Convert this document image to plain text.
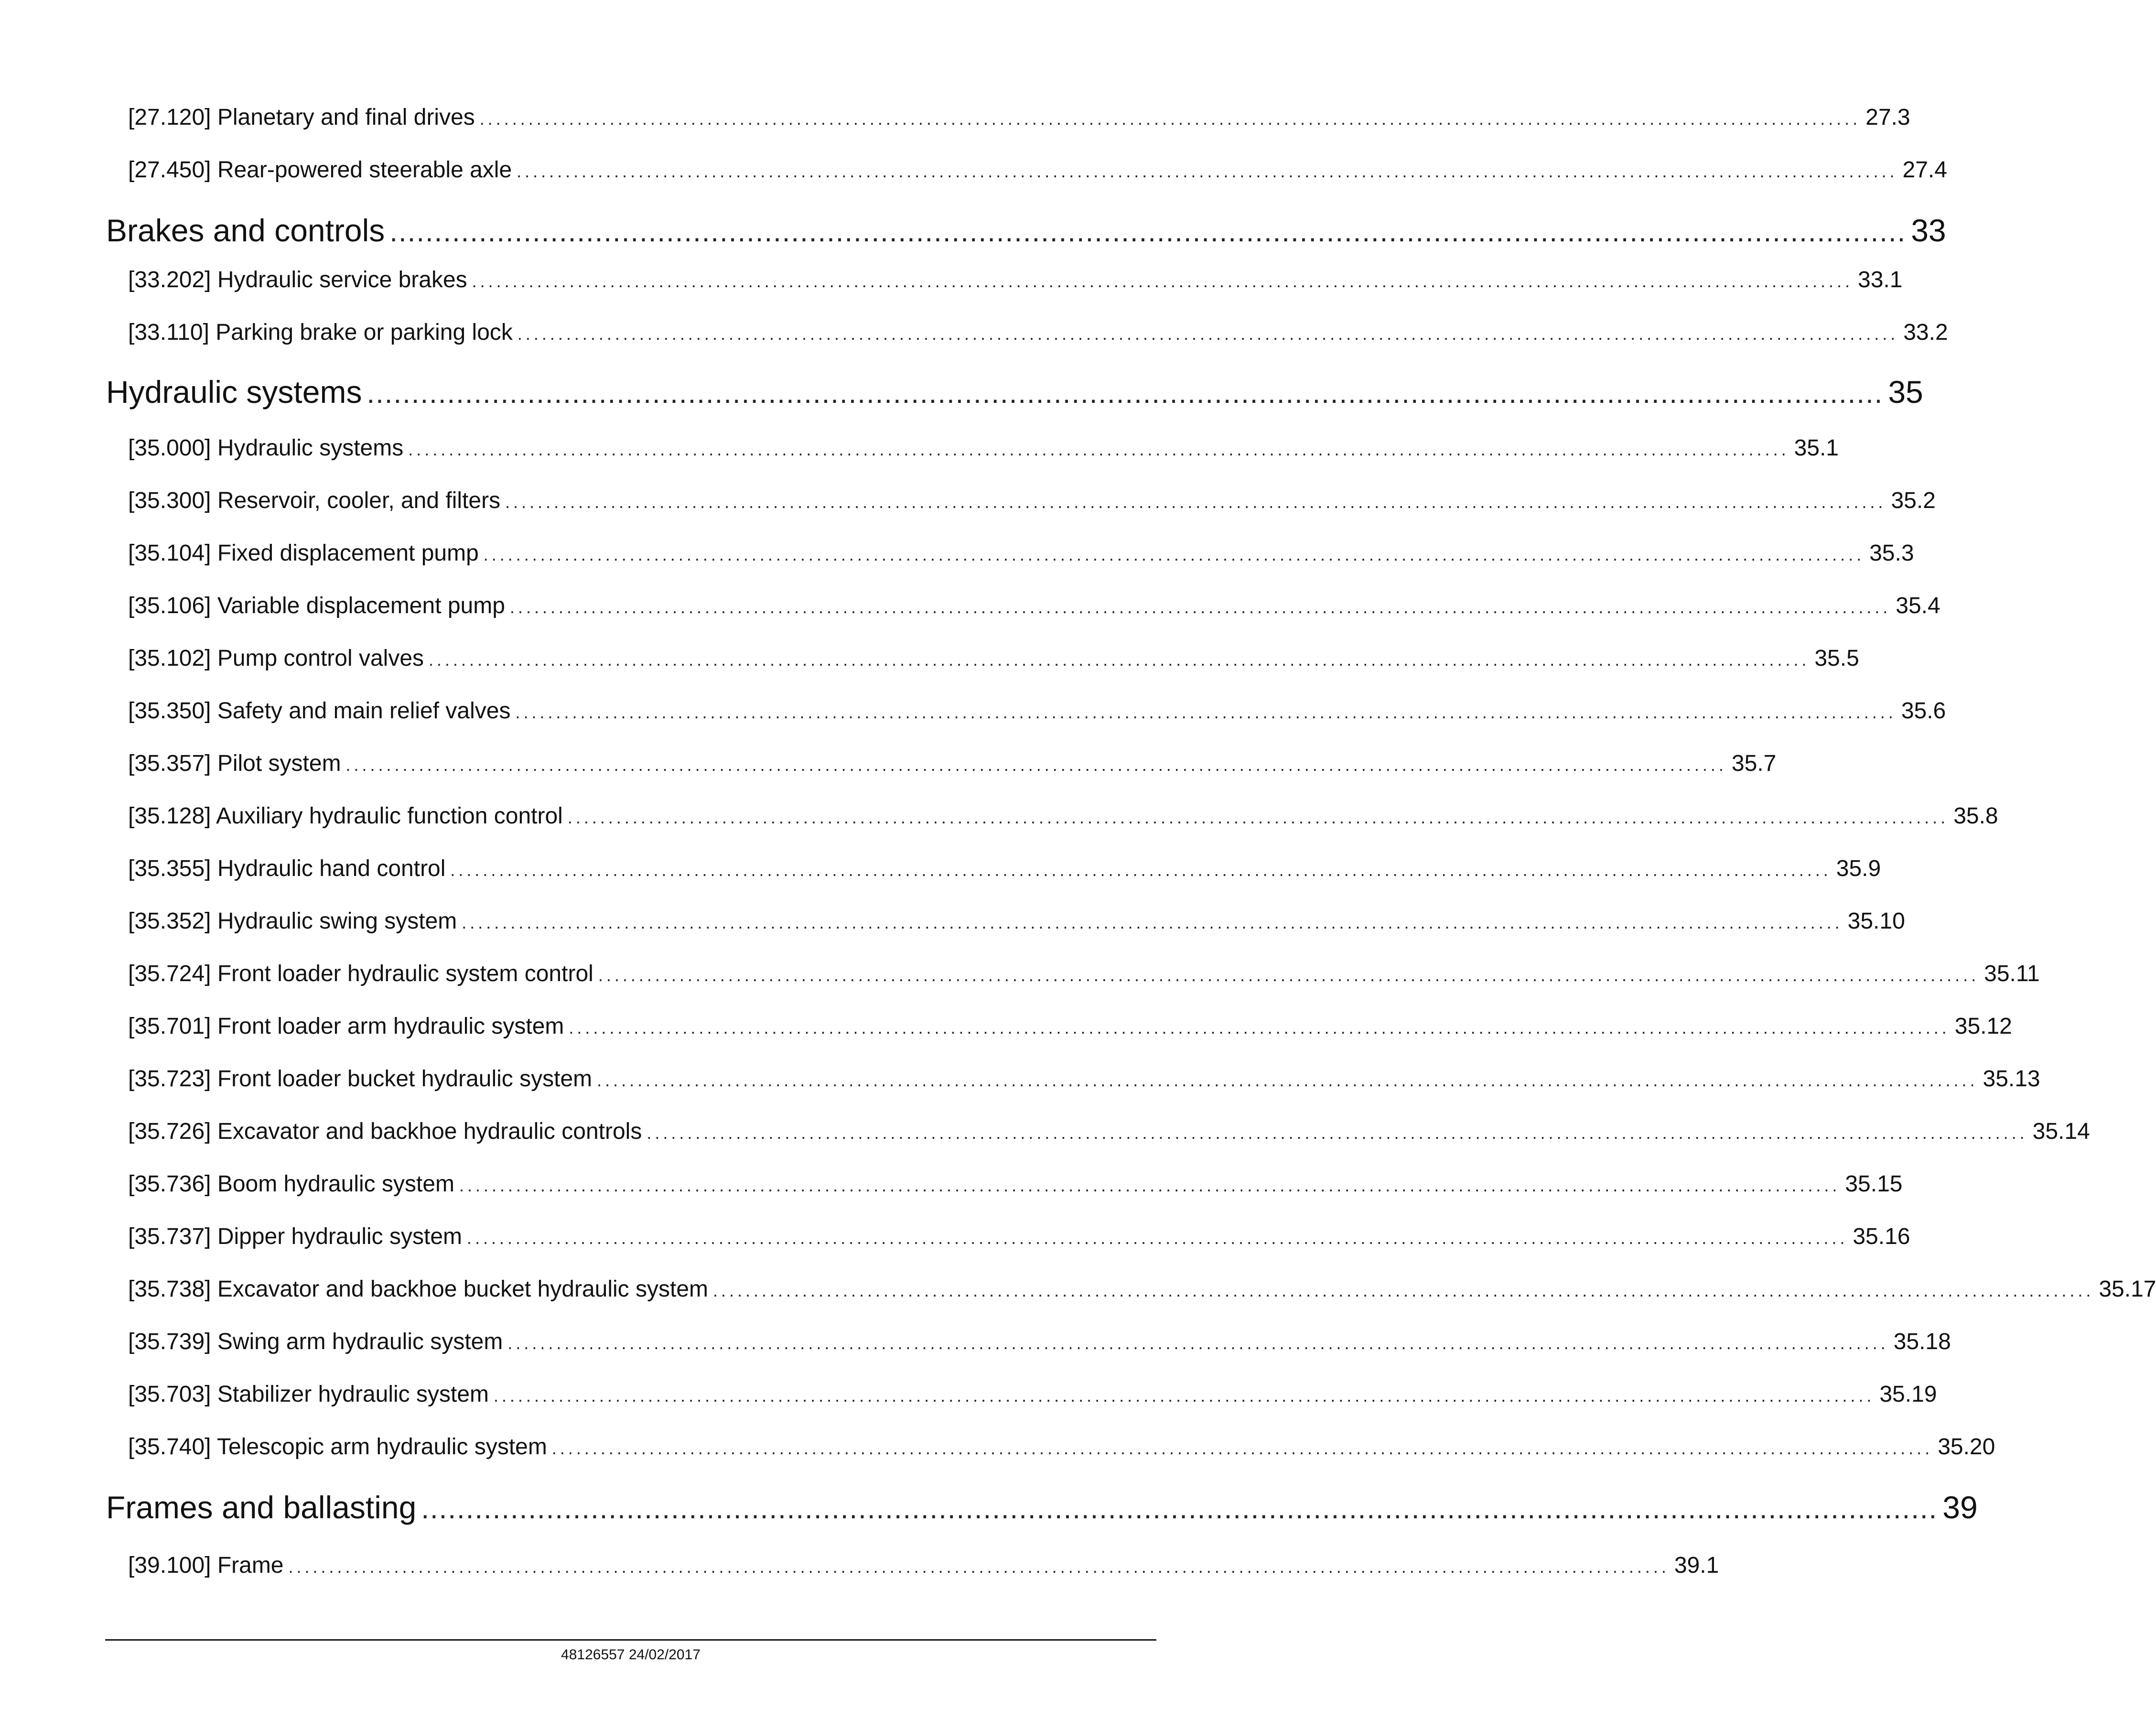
[27.120] Planetary and final drives .......................................................................................................................................................................... 27.3
[27.450] Rear-powered steerable axle .......................................................................................................................................................................... 27.4
Brakes and controls .......................................................................................................................................................................... 33
[33.202] Hydraulic service brakes .......................................................................................................................................................................... 33.1
[33.110] Parking brake or parking lock .......................................................................................................................................................................... 33.2
Hydraulic systems .......................................................................................................................................................................... 35
[35.000] Hydraulic systems .......................................................................................................................................................................... 35.1
[35.300] Reservoir, cooler, and filters .......................................................................................................................................................................... 35.2
[35.104] Fixed displacement pump .......................................................................................................................................................................... 35.3
[35.106] Variable displacement pump .......................................................................................................................................................................... 35.4
[35.102] Pump control valves .......................................................................................................................................................................... 35.5
[35.350] Safety and main relief valves .......................................................................................................................................................................... 35.6
[35.357] Pilot system .......................................................................................................................................................................... 35.7
[35.128] Auxiliary hydraulic function control .......................................................................................................................................................................... 35.8
[35.355] Hydraulic hand control .......................................................................................................................................................................... 35.9
[35.352] Hydraulic swing system .......................................................................................................................................................................... 35.10
[35.724] Front loader hydraulic system control .......................................................................................................................................................................... 35.11
[35.701] Front loader arm hydraulic system .......................................................................................................................................................................... 35.12
[35.723] Front loader bucket hydraulic system .......................................................................................................................................................................... 35.13
[35.726] Excavator and backhoe hydraulic controls .......................................................................................................................................................................... 35.14
[35.736] Boom hydraulic system .......................................................................................................................................................................... 35.15
[35.737] Dipper hydraulic system .......................................................................................................................................................................... 35.16
[35.738] Excavator and backhoe bucket hydraulic system .......................................................................................................................................................................... 35.17
[35.739] Swing arm hydraulic system .......................................................................................................................................................................... 35.18
[35.703] Stabilizer hydraulic system .......................................................................................................................................................................... 35.19
[35.740] Telescopic arm hydraulic system .......................................................................................................................................................................... 35.20
Frames and ballasting .......................................................................................................................................................................... 39
[39.100] Frame .......................................................................................................................................................................... 39.1
48126557 24/02/2017
